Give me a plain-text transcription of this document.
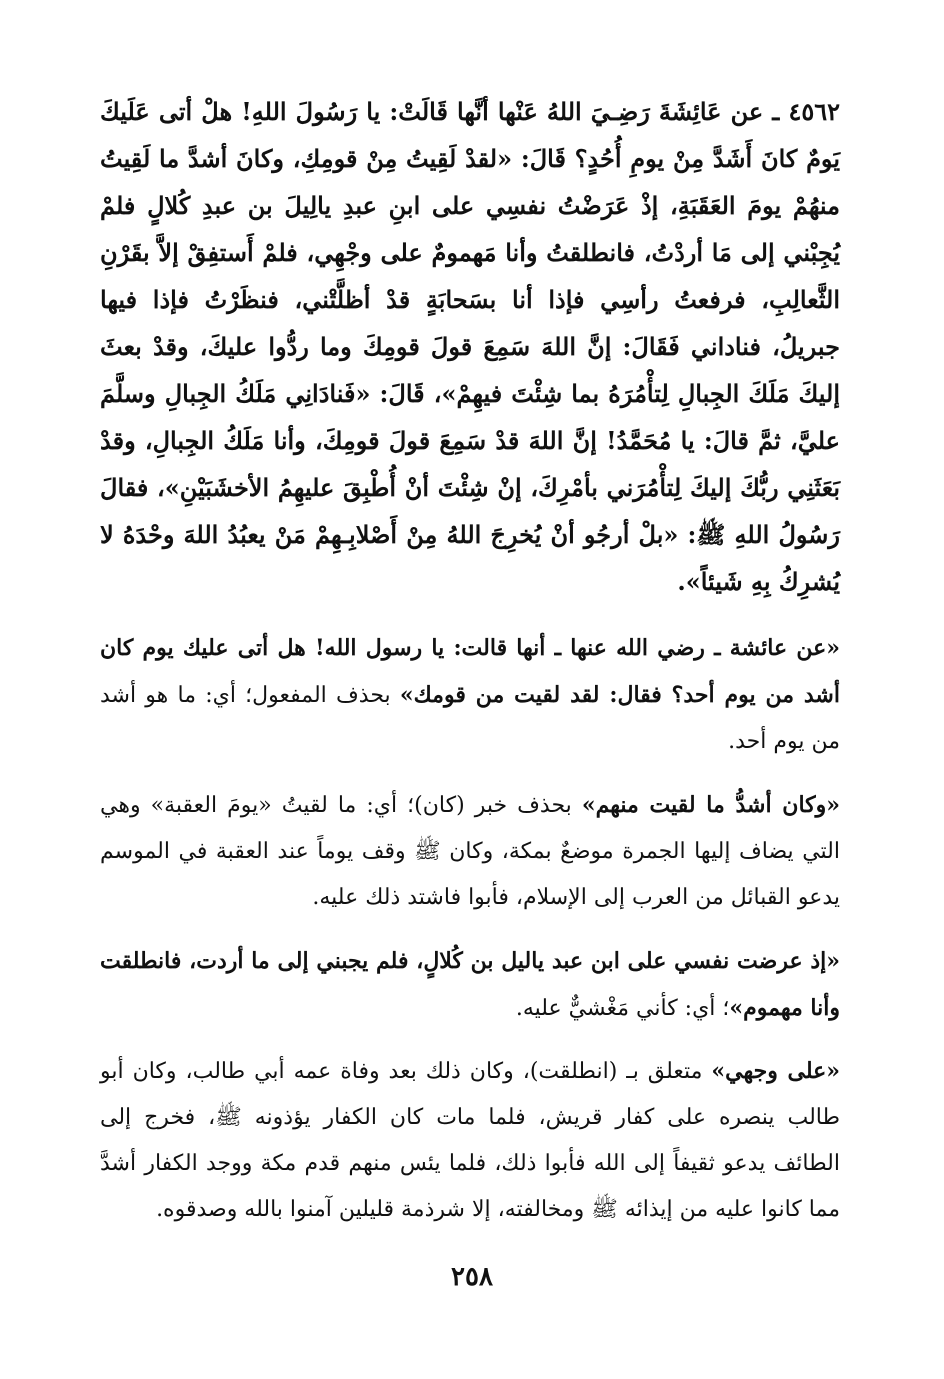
٤٥٦٢ ـ عن عَائِشَةَ رَضِـيَ اللهُ عَنْها أنَّها قَالَتْ: يا رَسُولَ اللهِ! هلْ أتى عَلَيكَ يَومٌ كانَ أَشَدَّ مِنْ يومِ أُحُدٍ؟ قَالَ: «لقدْ لَقِيتُ مِنْ قومِكِ، وكانَ أشدَّ ما لَقِيتُ منهُمْ يومَ العَقَبَةِ، إذْ عَرَضْتُ نفسِي على ابنِ عبدِ يالِيلَ بن عبدِ كُلالٍ فلمْ يُجِبْني إلى مَا أردْتُ، فانطلقتُ وأنا مَهمومٌ على وجْهِي، فلمْ أَستفِقْ إلاَّ بقَرْنِ الثَّعالِبِ، فرفعتُ رأسِي فإذا أنا بسَحابَةٍ قدْ أظلَّتْني، فنظَرْتُ فإذا فيها جبريلُ، فناداني فَقَالَ: إنَّ اللهَ سَمِعَ قولَ قومِكَ وما ردُّوا عليكَ، وقدْ بعثَ إليكَ مَلَكَ الجِبالِ لِتأْمُرَهُ بما شِئْتَ فيهِمْ»، قَالَ: «فَنادَانِي مَلَكُ الجِبالِ وسلَّمَ عليَّ، ثمَّ قالَ: يا مُحَمَّدُ! إنَّ اللهَ قدْ سَمِعَ قولَ قومِكَ، وأنا مَلَكُ الجِبالِ، وقدْ بَعَثَنِي ربُّكَ إليكَ لِتأْمُرَني بأمْرِكَ، إنْ شِئْتَ أنْ أُطْبِقَ عليهِمُ الأخشَبَيْنِ»، فقالَ رَسُولُ اللهِ ﷺ: «بلْ أرجُو أنْ يُخرِجَ اللهُ مِنْ أَصْلابِـهِمْ مَنْ يعبُدُ اللهَ وحْدَهُ لا يُشرِكُ بِهِ شَيئاً».
«عن عائشة ـ رضي الله عنها ـ أنها قالت: يا رسول الله! هل أتى عليك يوم كان أشد من يوم أحد؟ فقال: لقد لقيت من قومك» بحذف المفعول؛ أي: ما هو أشد من يوم أحد.
«وكان أشدُّ ما لقيت منهم» بحذف خبر (كان)؛ أي: ما لقيتُ «يومَ العقبة» وهي التي يضاف إليها الجمرة موضعٌ بمكة، وكان ﷺ وقف يوماً عند العقبة في الموسم يدعو القبائل من العرب إلى الإسلام، فأبوا فاشتد ذلك عليه.
«إذ عرضت نفسي على ابن عبد ياليل بن كُلالٍ، فلم يجبني إلى ما أردت، فانطلقت وأنا مهموم»؛ أي: كأني مَغْشيٌّ عليه.
«على وجهي» متعلق بـ (انطلقت)، وكان ذلك بعد وفاة عمه أبي طالب، وكان أبو طالب ينصره على كفار قريش، فلما مات كان الكفار يؤذونه ﷺ، فخرج إلى الطائف يدعو ثقيفاً إلى الله فأبوا ذلك، فلما يئس منهم قدم مكة ووجد الكفار أشدَّ مما كانوا عليه من إيذائه ﷺ ومخالفته، إلا شرذمة قليلين آمنوا بالله وصدقوه.
٢٥٨
